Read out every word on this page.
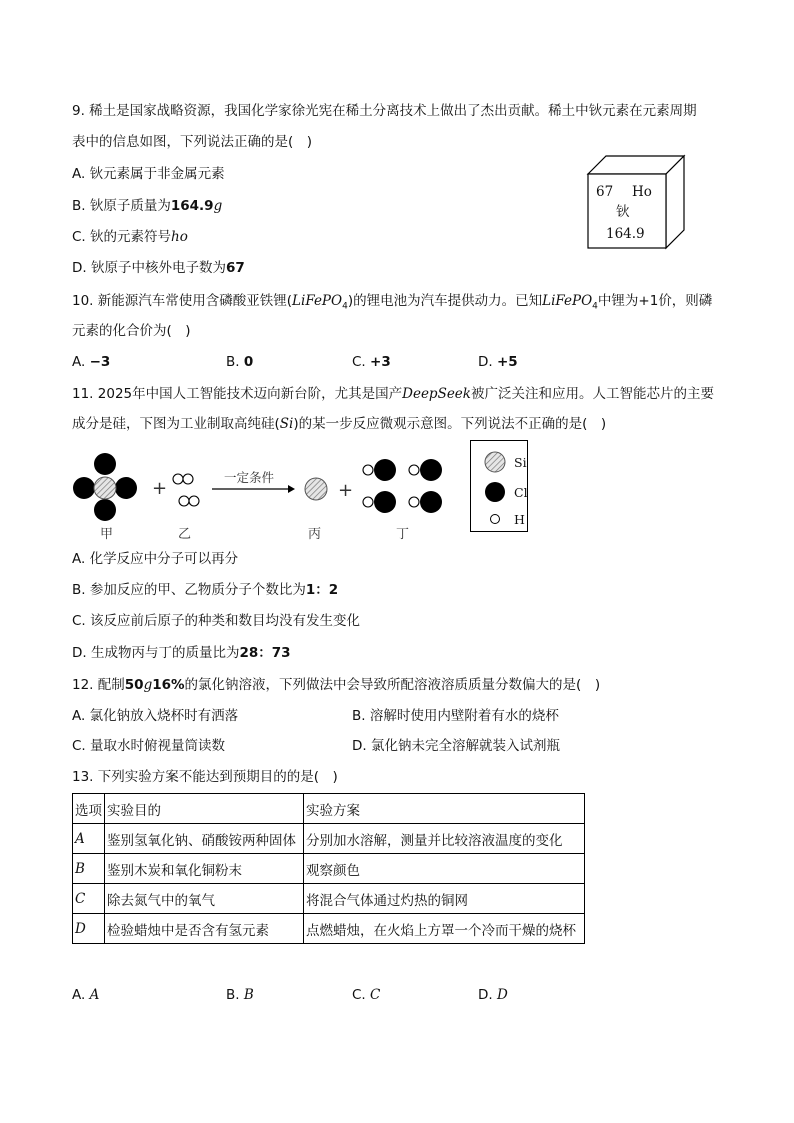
9. 稀土是国家战略资源，我国化学家徐光宪在稀土分离技术上做出了杰出贡献。稀土中钬元素在元素周期
表中的信息如图，下列说法正确的是( )
A. 钬元素属于非金属元素
B. 钬原子质量为164.9g
C. 钬的元素符号ho
D. 钬原子中核外电子数为67
67 Ho
钬
164.9
10. 新能源汽车常使用含磷酸亚铁锂(LiFePO$_4$)的锂电池为汽车提供动力。已知LiFePO$_4$中锂为+1价，则磷
元素的化合价为( )
A. −3	B. 0	C. +3	D. +5
11. 2025年中国人工智能技术迈向新台阶，尤其是国产DeepSeek被广泛关注和应用。人工智能芯片的主要
成分是硅，下图为工业制取高纯硅(Si)的某一步反应微观示意图。下列说法不正确的是( )
+
一定条件
+
甲	乙	丙	丁
Si
Cl
H
A. 化学反应中分子可以再分
B. 参加反应的甲、乙物质分子个数比为1：2
C. 该反应前后原子的种类和数目均没有发生变化
D. 生成物丙与丁的质量比为28：73
12. 配制50g16%的氯化钠溶液，下列做法中会导致所配溶液溶质质量分数偏大的是( )
A. 氯化钠放入烧杯时有洒落	B. 溶解时使用内壁附着有水的烧杯
C. 量取水时俯视量筒读数	D. 氯化钠未完全溶解就装入试剂瓶
13. 下列实验方案不能达到预期目的的是( )
选项	实验目的	实验方案
A	鉴别氢氧化钠、硝酸铵两种固体	分别加水溶解，测量并比较溶液温度的变化
B	鉴别木炭和氧化铜粉末	观察颜色
C	除去氮气中的氧气	将混合气体通过灼热的铜网
D	检验蜡烛中是否含有氢元素	点燃蜡烛，在火焰上方罩一个冷而干燥的烧杯
A. A	B. B	C. C	D. D
